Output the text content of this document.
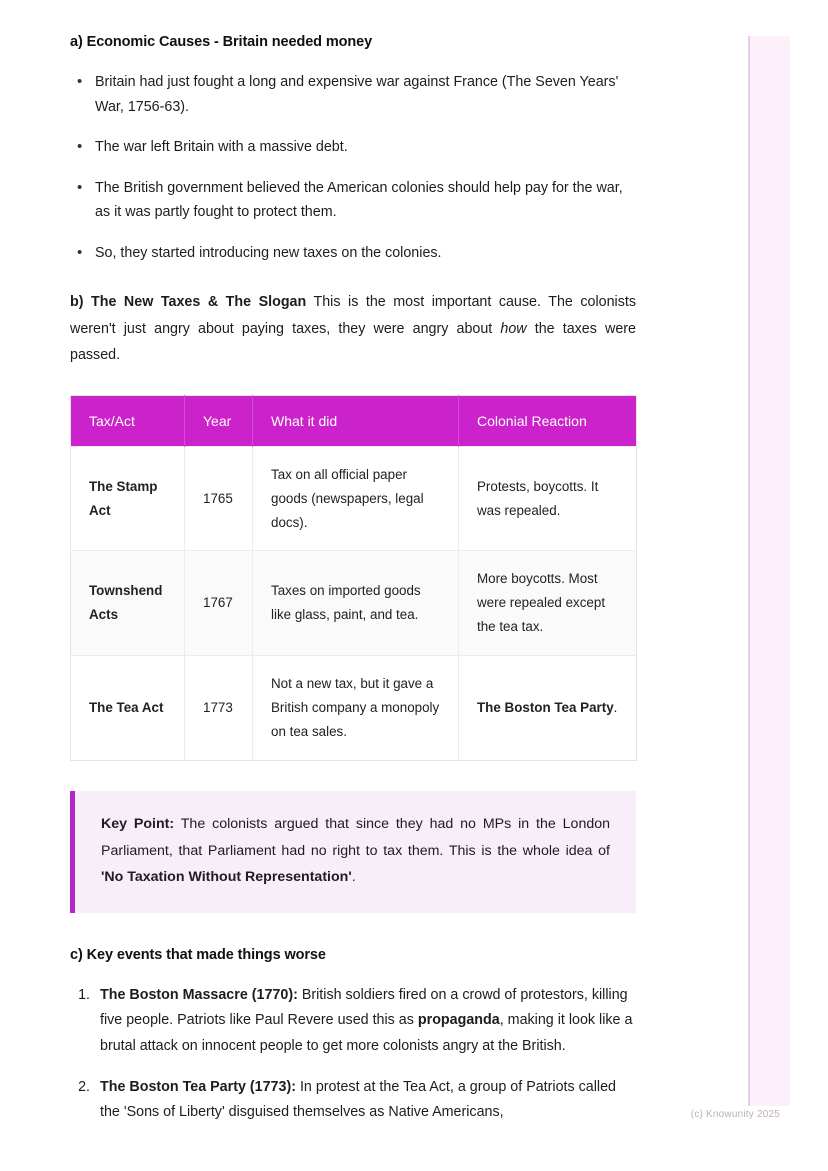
a) Economic Causes - Britain needed money
• Britain had just fought a long and expensive war against France (The Seven Years' War, 1756-63).
• The war left Britain with a massive debt.
• The British government believed the American colonies should help pay for the war, as it was partly fought to protect them.
• So, they started introducing new taxes on the colonies.

b) The New Taxes & The Slogan This is the most important cause. The colonists weren't just angry about paying taxes, they were angry about how the taxes were passed.

Tax/Act	Year	What it did	Colonial Reaction
The Stamp Act	1765	Tax on all official paper goods (newspapers, legal docs).	Protests, boycotts. It was repealed.
Townshend Acts	1767	Taxes on imported goods like glass, paint, and tea.	More boycotts. Most were repealed except the tea tax.
The Tea Act	1773	Not a new tax, but it gave a British company a monopoly on tea sales.	The Boston Tea Party.
Key Point: The colonists argued that since they had no MPs in the London Parliament, that Parliament had no right to tax them. This is the whole idea of 'No Taxation Without Representation'.
c) Key events that made things worse
1. The Boston Massacre (1770): British soldiers fired on a crowd of protestors, killing five people. Patriots like Paul Revere used this as propaganda, making it look like a brutal attack on innocent people to get more colonists angry at the British.
2. The Boston Tea Party (1773): In protest at the Tea Act, a group of Patriots called the 'Sons of Liberty' disguised themselves as Native Americans,	(c) Knowunity 2025
